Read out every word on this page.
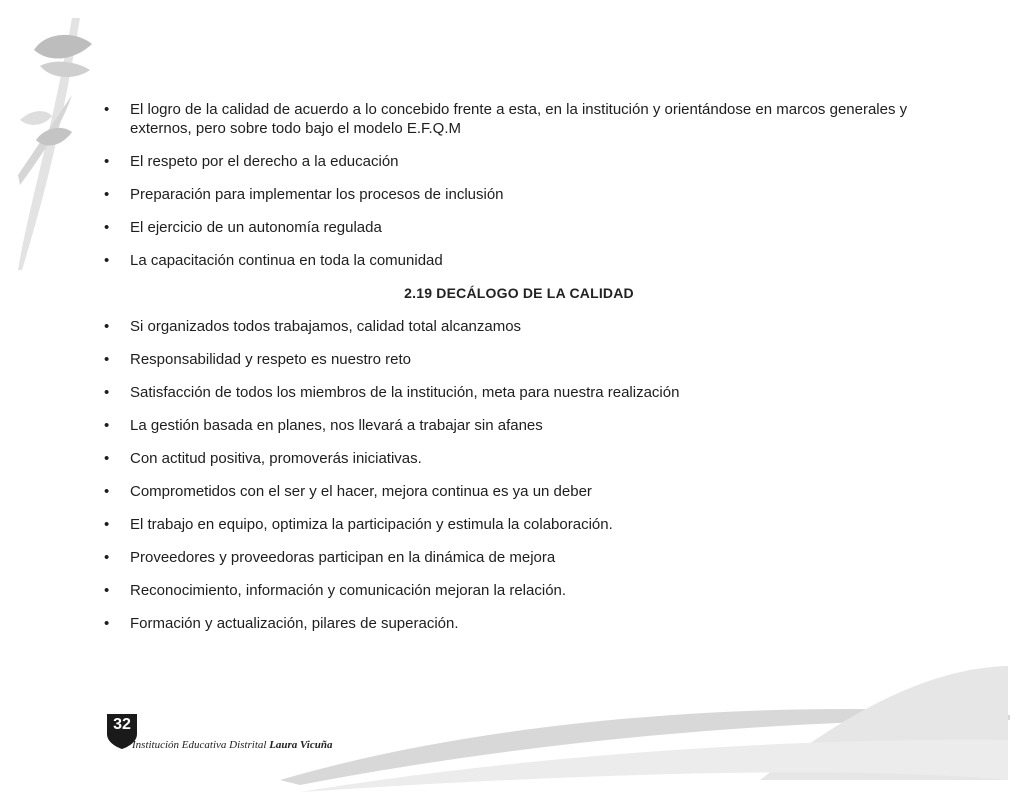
• El logro de la calidad de acuerdo a lo concebido frente a esta, en la institución y orientándose en marcos generales y externos, pero sobre todo bajo el modelo E.F.Q.M
• El respeto por el derecho a la educación
• Preparación para implementar los procesos de inclusión
• El ejercicio de un autonomía regulada
• La capacitación continua en toda la comunidad
2.19 DECÁLOGO DE LA CALIDAD
• Si organizados todos trabajamos, calidad total alcanzamos
• Responsabilidad y respeto es nuestro reto
• Satisfacción de todos los miembros de la institución, meta para nuestra realización
• La gestión basada en planes, nos llevará a trabajar sin afanes
• Con actitud positiva, promoverás iniciativas.
• Comprometidos con el ser y el hacer, mejora continua es ya un deber
• El trabajo en equipo, optimiza la participación y estimula la colaboración.
• Proveedores y proveedoras participan en la dinámica de mejora
• Reconocimiento, información y comunicación mejoran la relación.
• Formación y actualización, pilares de superación.
32
Institución Educativa Distrital Laura Vicuña
